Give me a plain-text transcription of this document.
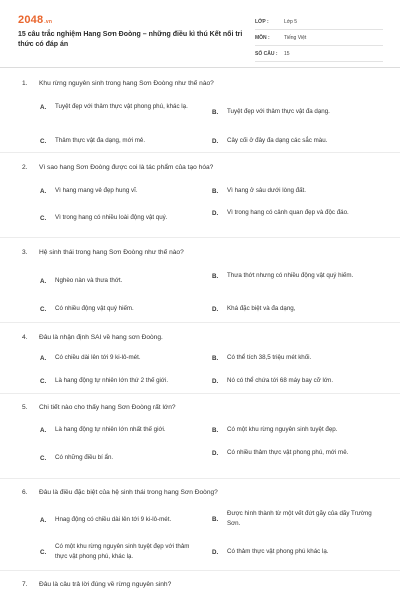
2048.vn
15 câu trắc nghiệm Hang Sơn Đoòng – những điều kì thú Kết nối tri thức có đáp án
LỚP :	Lớp 5
MÔN :	Tiếng Việt
SỐ CÂU :	15
1. Khu rừng nguyên sinh trong hang Sơn Đoòng như thế nào?
A.	Tuyệt đẹp với thảm thực vật phong phú, khác lạ.
B.	Tuyệt đẹp với thảm thực vật đa dạng.
C.	Thảm thực vật đa dạng, mới mẻ.	D.	Cây cối ở đây đa dạng các sắc màu.
2. Vì sao hang Sơn Đoòng được coi là tác phẩm của tạo hóa?
A.	Vì hang mang vẻ đẹp hung vĩ.	B.	Vì hang ở sâu dưới lòng đất.
C.	Vì trong hang có nhiều loài động vật quý.
D.	Vì trong hang có cảnh quan đẹp và độc đáo.
3. Hệ sinh thái trong hang Sơn Đoòng như thế nào?
A.	Nghèo nàn và thưa thớt.
B.	Thưa thớt nhưng có nhiều động vật quý hiếm.
C.	Có nhiều động vật quý hiếm.	D.	Khá đặc biệt và đa dạng,
4. Đâu là nhận định SAI về hang sơn Đoòng.
A.	Có chiều dài lên tới 9 ki-lô-mét.	B.	Có thể tích 38,5 triệu mét khối.
C.	Là hang động tự nhiên lớn thứ 2 thế giới.	D.	Nó có thể chứa tới 68 máy bay cỡ lớn.
5. Chi tiết nào cho thấy hang Sơn Đoòng rất lớn?
A.	Là hang động tự nhiên lớn nhất thế giới.	B.	Có một khu rừng nguyên sinh tuyệt đẹp.
C.	Có những điều bí ẩn.
D.	Có nhiều thảm thực vật phong phú, mới mẻ.
6. Đâu là điều đặc biệt của hệ sinh thái trong hang Sơn Đoòng?
A.	Hnag động có chiều dài lên tới 9 ki-lô-mét.	B.
Được hình thành từ một vết đứt gãy của dãy Trường Sơn.
C.
Có một khu rừng nguyên sinh tuyệt đẹp với thảm thực vật phong phú, khác lạ.
D.	Có thảm thực vật phong phú khác lạ.
7. Đâu là câu trả lời đúng về rừng nguyên sinh?
